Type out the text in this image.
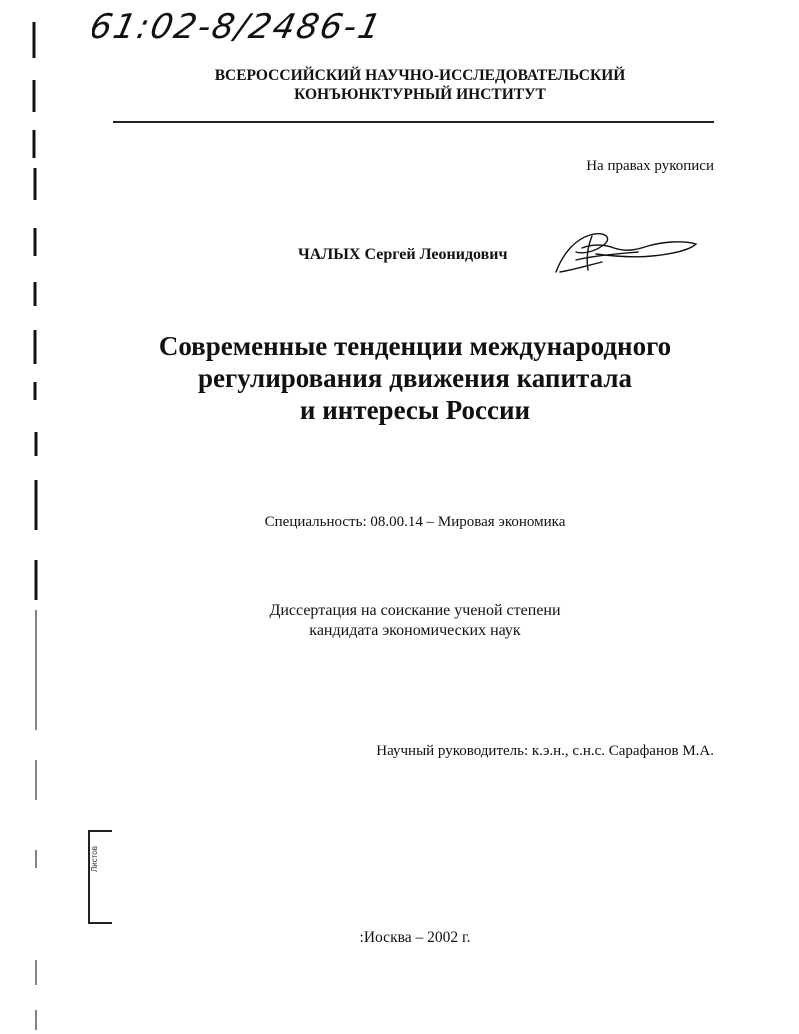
61:02-8/2486-1
ВСЕРОССИЙСКИЙ НАУЧНО-ИССЛЕДОВАТЕЛЬСКИЙ
КОНЪЮНКТУРНЫЙ ИНСТИТУТ
На правах рукописи
ЧАЛЫХ Сергей Леонидович
Современные тенденции международного
регулирования движения капитала
и интересы России
Специальность: 08.00.14 – Мировая экономика
Диссертация на соискание ученой степени
кандидата экономических наук
Научный руководитель: к.э.н., с.н.с. Сарафанов М.А.
Листов
:Иосква – 2002 г.
